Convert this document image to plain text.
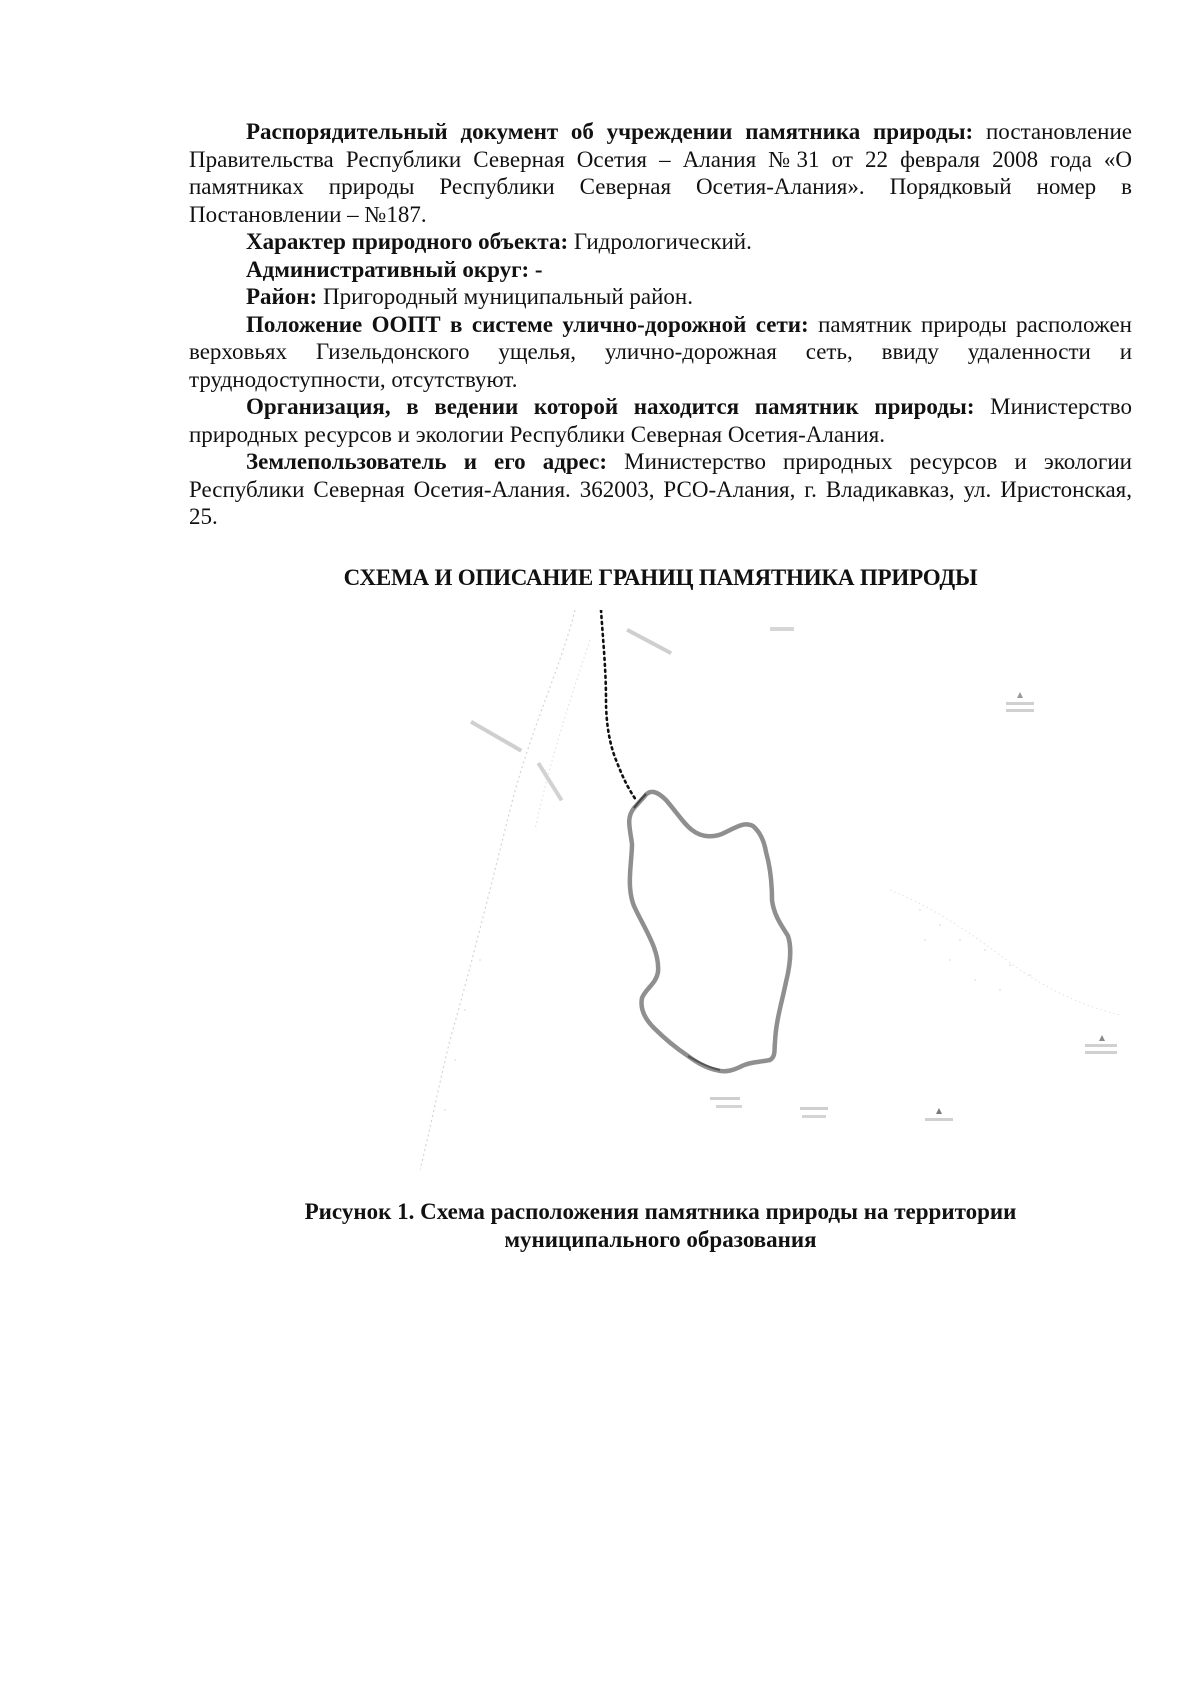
Распорядительный документ об учреждении памятника природы: постановление Правительства Республики Северная Осетия – Алания №31 от 22 февраля 2008 года «О памятниках природы Республики Северная Осетия-Алания». Порядковый номер в Постановлении – №187.

Характер природного объекта: Гидрологический.

Административный округ: -

Район: Пригородный муниципальный район.

Положение ООПТ в системе улично-дорожной сети: памятник природы расположен верховьях Гизельдонского ущелья, улично-дорожная сеть, ввиду удаленности и труднодоступности, отсутствуют.

Организация, в ведении которой находится памятник природы: Министерство природных ресурсов и экологии Республики Северная Осетия-Алания.

Землепользователь и его адрес: Министерство природных ресурсов и экологии Республики Северная Осетия-Алания. 362003, РСО-Алания, г. Владикавказ, ул. Иристонская, 25.

СХЕМА И ОПИСАНИЕ ГРАНИЦ ПАМЯТНИКА ПРИРОДЫ
Рисунок 1. Схема расположения памятника природы на территории
муниципального образования
